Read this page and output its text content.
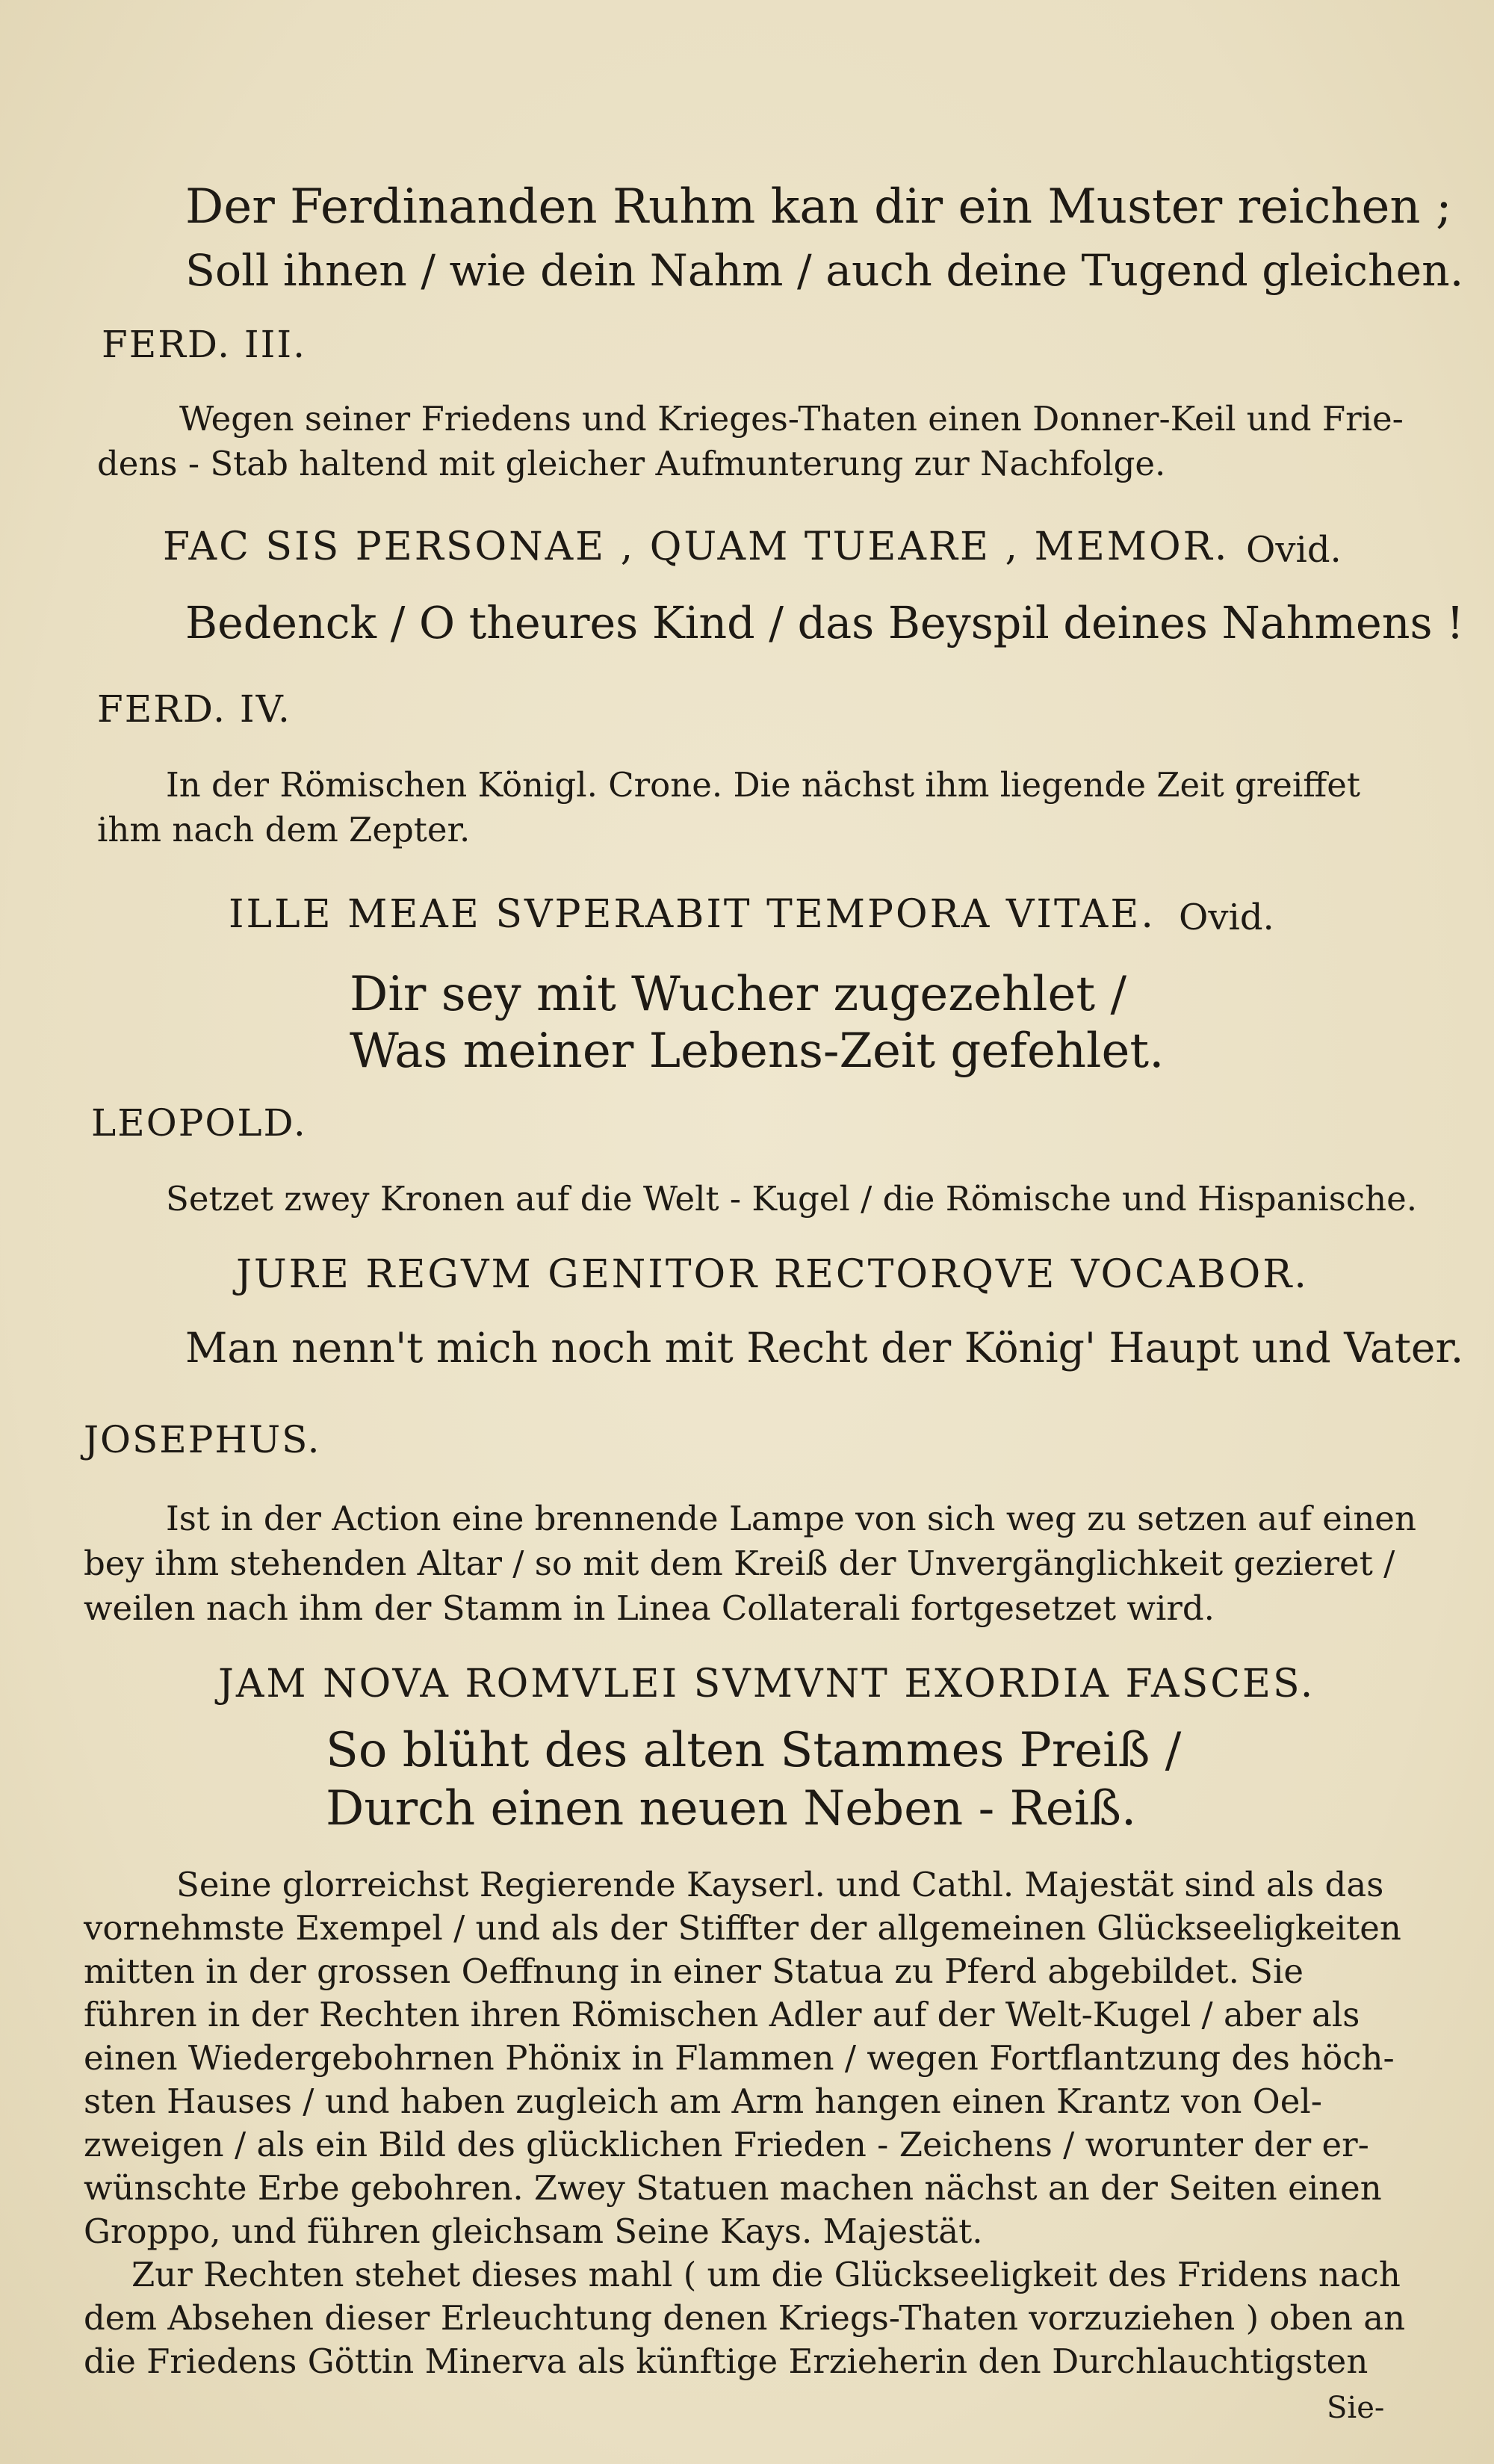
Der Ferdinanden Ruhm kan dir ein Muster reichen ;
Soll ihnen / wie dein Nahm / auch deine Tugend gleichen.
FERD. III.
Wegen seiner Friedens und Krieges-Thaten einen Donner-Keil und Frie-
dens - Stab haltend mit gleicher Aufmunterung zur Nachfolge.
FAC SIS PERSONAE , QUAM TUEARE , MEMOR. Ovid.
Bedenck / O theures Kind / das Beyspil deines Nahmens !
FERD. IV.
In der Römischen Königl. Crone. Die nächst ihm liegende Zeit greiffet
ihm nach dem Zepter.
ILLE MEAE SVPERABIT TEMPORA VITAE. Ovid.
Dir sey mit Wucher zugezehlet /
Was meiner Lebens-Zeit gefehlet.
LEOPOLD.
Setzet zwey Kronen auf die Welt - Kugel / die Römische und Hispanische.
JURE REGVM GENITOR RECTORQVE VOCABOR.
Man nenn't mich noch mit Recht der König' Haupt und Vater.
JOSEPHUS.
Ist in der Action eine brennende Lampe von sich weg zu setzen auf einen
bey ihm stehenden Altar / so mit dem Kreiß der Unvergänglichkeit gezieret /
weilen nach ihm der Stamm in Linea Collaterali fortgesetzet wird.
JAM NOVA ROMVLEI SVMVNT EXORDIA FASCES.
So blüht des alten Stammes Preiß /
Durch einen neuen Neben - Reiß.
Seine glorreichst Regierende Kayserl. und Cathl. Majestät sind als das
vornehmste Exempel / und als der Stiffter der allgemeinen Glückseeligkeiten
mitten in der grossen Oeffnung in einer Statua zu Pferd abgebildet. Sie
führen in der Rechten ihren Römischen Adler auf der Welt-Kugel / aber als
einen Wiedergebohrnen Phönix in Flammen / wegen Fortflantzung des höch-
sten Hauses / und haben zugleich am Arm hangen einen Krantz von Oel-
zweigen / als ein Bild des glücklichen Frieden - Zeichens / worunter der er-
wünschte Erbe gebohren. Zwey Statuen machen nächst an der Seiten einen
Groppo, und führen gleichsam Seine Kays. Majestät.
Zur Rechten stehet dieses mahl ( um die Glückseeligkeit des Fridens nach
dem Absehen dieser Erleuchtung denen Kriegs-Thaten vorzuziehen ) oben an
die Friedens Göttin Minerva als künftige Erzieherin den Durchlauchtigsten
Sie-
